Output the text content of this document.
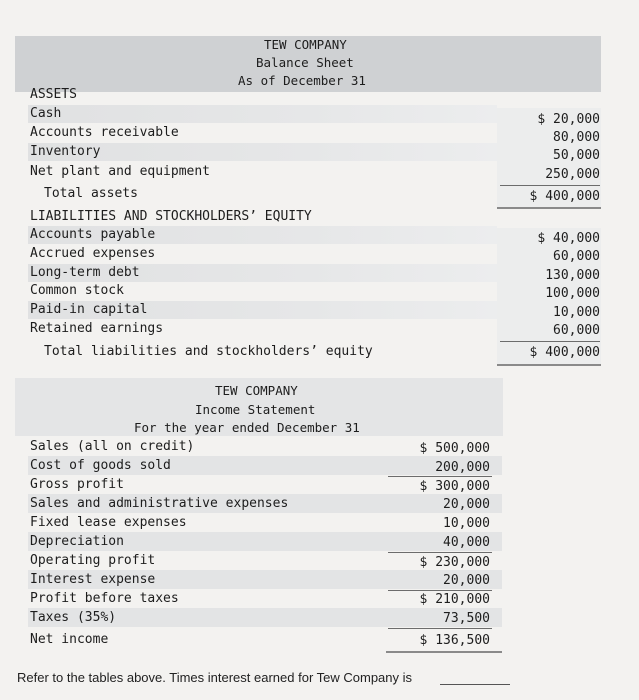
TEW COMPANY
Balance Sheet
As of December 31
ASSETS
Cash
Accounts receivable
Inventory
Net plant and equipment
Total assets
$ 20,000
80,000
50,000
250,000
$ 400,000
LIABILITIES AND STOCKHOLDERS’ EQUITY
Accounts payable
Accrued expenses
Long-term debt
Common stock
Paid-in capital
Retained earnings
Total liabilities and stockholders’ equity
$ 40,000
60,000
130,000
100,000
10,000
60,000
$ 400,000
TEW COMPANY
Income Statement
For the year ended December 31
Sales (all on credit)
Cost of goods sold
Gross profit
Sales and administrative expenses
Fixed lease expenses
Depreciation
Operating profit
Interest expense
Profit before taxes
Taxes (35%)
Net income
$ 500,000
200,000
$ 300,000
20,000
10,000
40,000
$ 230,000
20,000
$ 210,000
73,500
$ 136,500
Refer to the tables above. Times interest earned for Tew Company is
